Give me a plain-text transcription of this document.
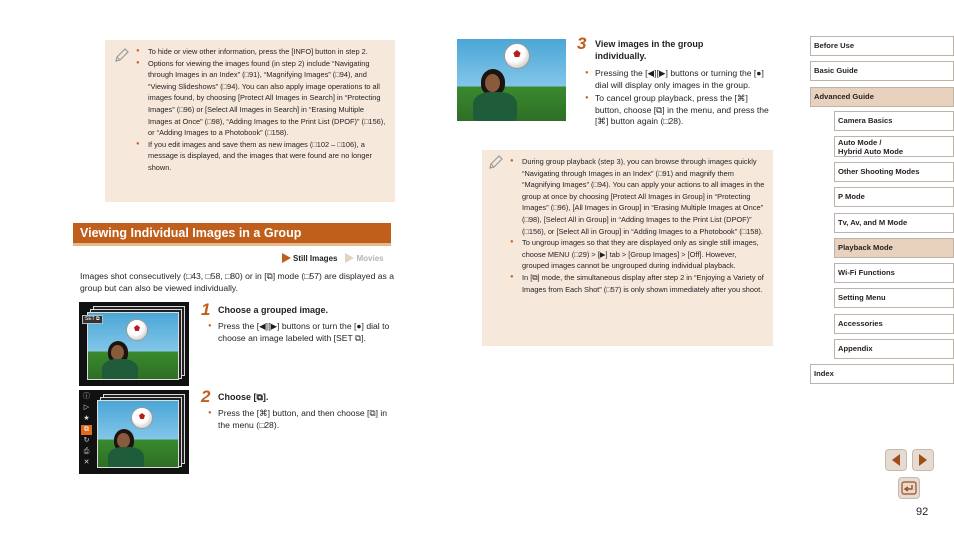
● To hide or view other information, press the [INFO] button in step 2.
● Options for viewing the images found (in step 2) include “Navigating through Images in an Index” (□91), “Magnifying Images” (□94), and “Viewing Slideshows” (□94). You can also apply image operations to all images found, by choosing [Protect All Images in Search] in “Protecting Images” (□96) or [Select All Images in Search] in “Erasing Multiple Images at Once” (□98), “Adding Images to the Print List (DPOF)” (□156), or “Adding Images to a Photobook” (□158).
● If you edit images and save them as new images (□102 – □106), a message is displayed, and the images that were found are no longer shown.
Viewing Individual Images in a Group
Still Images	Movies
Images shot consecutively (□43, □58, □80) or in [⧉] mode (□57) are displayed as a group but can also be viewed individually.
SET ⧉	1 Choose a grouped image.
● Press the [◀][▶] buttons or turn the [●] dial to choose an image labeled with [SET ⧉].
ⓘ
▷
★
⧉
↻
⎙
✕
2 Choose [⧉].
● Press the [⌘] button, and then choose [⧉] in the menu (□28).
3 View images in the group individually.
● Pressing the [◀][▶] buttons or turning the [●] dial will display only images in the group.
● To cancel group playback, press the [⌘] button, choose [⧉] in the menu, and press the [⌘] button again (□28).
● During group playback (step 3), you can browse through images quickly “Navigating through Images in an Index” (□91) and magnify them “Magnifying Images” (□94). You can apply your actions to all images in the group at once by choosing [Protect All Images in Group] in “Protecting Images” (□96), [All Images in Group] in “Erasing Multiple Images at Once” (□98), [Select All in Group] in “Adding Images to the Print List (DPOF)” (□156), or [Select All in Group] in “Adding Images to a Photobook” (□158).
● To ungroup images so that they are displayed only as single still images, choose MENU (□29) > [▶] tab > [Group Images] > [Off]. However, grouped images cannot be ungrouped during individual playback.
● In [⧉] mode, the simultaneous display after step 2 in “Enjoying a Variety of Images from Each Shot” (□57) is only shown immediately after you shoot.
Before Use
Basic Guide
Advanced Guide
Camera Basics
Auto Mode /
Hybrid Auto Mode
Other Shooting Modes
P Mode
Tv, Av, and M Mode
Playback Mode
Wi-Fi Functions
Setting Menu
Accessories
Appendix
Index
92
